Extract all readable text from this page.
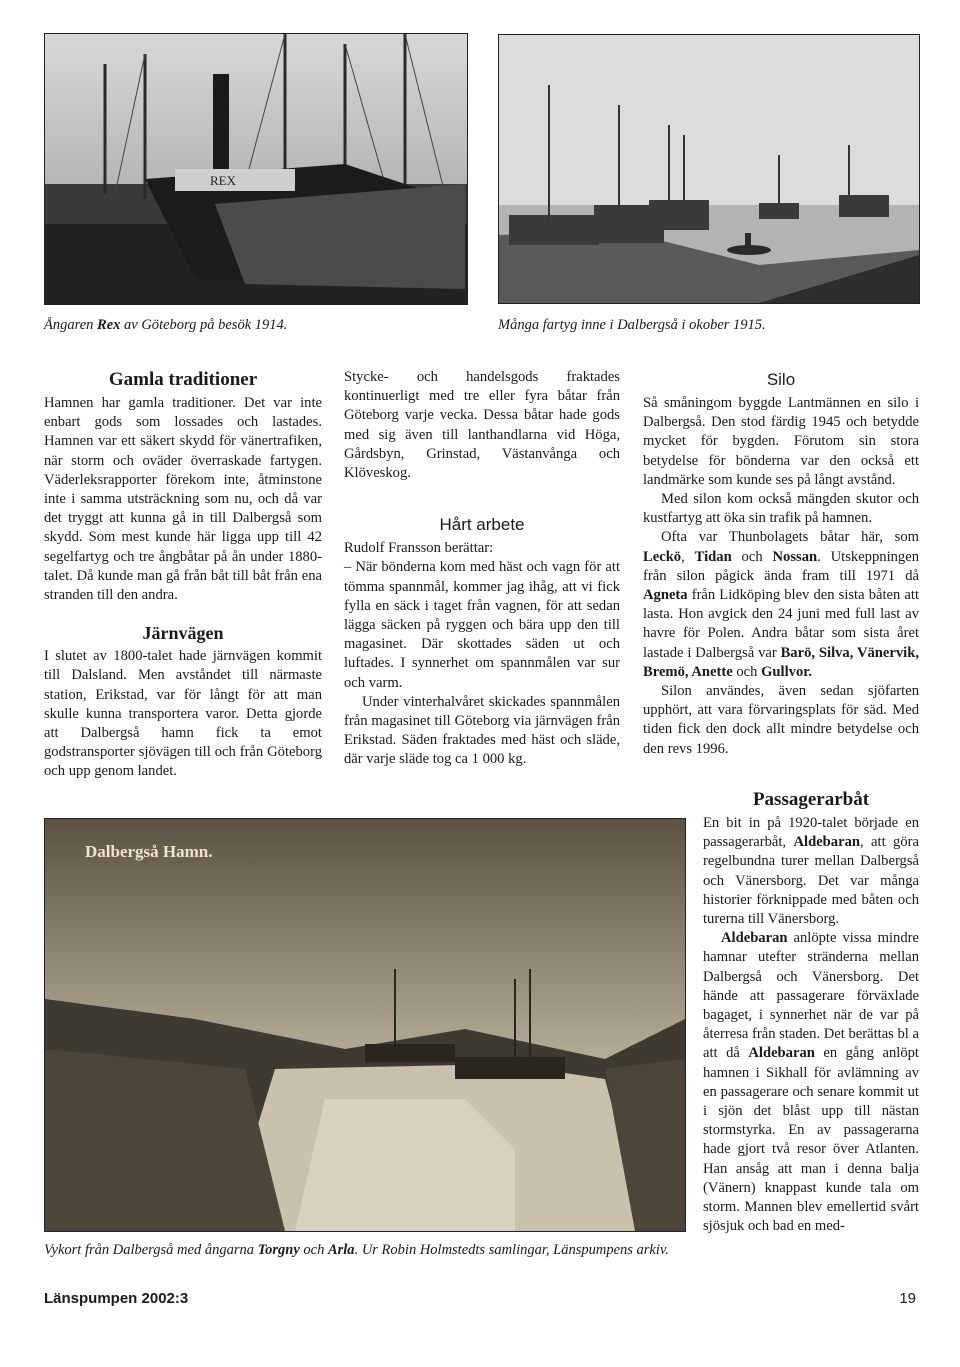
REX
Ångaren Rex av Göteborg på besök 1914.	Många fartyg inne i Dalbergså i okober 1915.
Gamla traditioner

Hamnen har gamla traditioner. Det var inte enbart gods som lossades och lastades. Hamnen var ett säkert skydd för vänertrafiken, när storm och oväder överraskade fartygen. Väderleksrapporter förekom inte, åtminstone inte i samma utsträckning som nu, och då var det tryggt att kunna gå in till Dalbergså som skydd. Som mest kunde här ligga upp till 42 segelfartyg och tre ångbåtar på ån under 1880-talet. Då kunde man gå från båt till båt från ena stranden till den andra.

Järnvägen

I slutet av 1800-talet hade järnvägen kommit till Dalsland. Men avståndet till närmaste station, Erikstad, var för långt för att man skulle kunna transportera varor. Detta gjorde att Dalbergså hamn fick ta emot godstransporter sjövägen till och från Göteborg och upp genom landet.

Stycke- och handelsgods fraktades kontinuerligt med tre eller fyra båtar från Göteborg varje vecka. Dessa båtar hade gods med sig även till lanthandlarna vid Höga, Gårdsbyn, Grinstad, Västanvånga och Klöveskog.

Hårt arbete

Rudolf Fransson berättar:

– När bönderna kom med häst och vagn för att tömma spannmål, kommer jag ihåg, att vi fick fylla en säck i taget från vagnen, för att sedan lägga säcken på ryggen och bära upp den till magasinet. Där skottades säden ut och luftades. I synnerhet om spannmålen var sur och varm.

Under vinterhalvåret skickades spannmålen från magasinet till Göteborg via järnvägen från Erikstad. Säden fraktades med häst och släde, där varje släde tog ca 1 000 kg.

Silo

Så småningom byggde Lantmännen en silo i Dalbergså. Den stod färdig 1945 och betydde mycket för bygden. Förutom sin stora betydelse för bönderna var den också ett landmärke som kunde ses på långt avstånd.

Med silon kom också mängden skutor och kustfartyg att öka sin trafik på hamnen.

Ofta var Thunbolagets båtar här, som Leckö, Tidan och Nossan. Utskeppningen från silon pågick ända fram till 1971 då Agneta från Lidköping blev den sista båten att lasta. Hon avgick den 24 juni med full last av havre för Polen. Andra båtar som sista året lastade i Dalbergså var Barö, Silva, Vänervik, Bremö, Anette och Gullvor.

Silon användes, även sedan sjöfarten upphört, att vara förvaringsplats för säd. Med tiden fick den dock allt mindre betydelse och den revs 1996.

Passagerarbåt

En bit in på 1920-talet började en passagerarbåt, Aldebaran, att göra regelbundna turer mellan Dalbergså och Vänersborg. Det var många historier förknippade med båten och turerna till Vänersborg.

Aldebaran anlöpte vissa mindre hamnar utefter stränderna mellan Dalbergså och Vänersborg. Det hände att passagerare förväxlade bagaget, i synnerhet när de var på återresa från staden. Det berättas bl a att då Aldebaran en gång anlöpt hamnen i Sikhall för avlämning av en passagerare och senare kommit ut i sjön det blåst upp till nästan stormstyrka. En av passagerarna hade gjort två resor över Atlanten. Han ansåg att man i denna balja (Vänern) knappast kunde tala om storm. Mannen blev emellertid svårt sjösjuk och bad en med-

Dalbergså Hamn.
Vykort från Dalbergså med ångarna Torgny och Arla. Ur Robin Holmstedts samlingar, Länspumpens arkiv.
Länspumpen 2002:3	19
